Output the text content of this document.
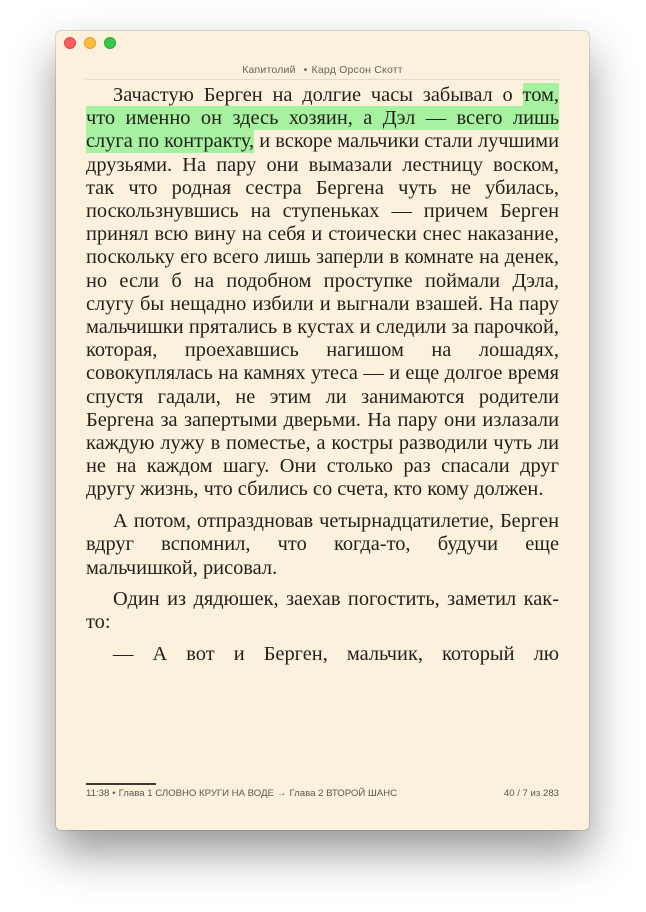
Капитолий • Кард Орсон Скотт

Зачастую Берген на долгие часы забывал о том, что именно он здесь хозяин, а Дэл — всего лишь слуга по контракту, и вскоре мальчики стали лучшими друзьями. На пару они вымазали лестницу воском, так что родная сестра Бергена чуть не убилась, поскользнувшись на ступеньках — причем Берген принял всю вину на себя и стоически снес наказание, поскольку его всего лишь заперли в комнате на денек, но если б на подобном проступке поймали Дэла, слугу бы нещадно избили и выгнали взашей. На пару мальчишки прятались в кустах и следили за парочкой, которая, проехавшись нагишом на лошадях, совокуплялась на камнях утеса — и еще долгое время спустя гадали, не этим ли занимаются родители Бергена за запертыми дверьми. На пару они излазали каждую лужу в поместье, а костры разводили чуть ли не на каждом шагу. Они столько раз спасали друг другу жизнь, что сбились со счета, кто кому должен.

А потом, отпраздновав четырнадцатилетие, Берген вдруг вспомнил, что когда-то, будучи еще мальчишкой, рисовал.

Один из дядюшек, заехав погостить, заметил как-то:

— А вот и Берген, мальчик, который лю

11:38 • Глава 1 СЛОВНО КРУГИ НА ВОДЕ → Глава 2 ВТОРОЙ ШАНС	40 / 7 из 283
